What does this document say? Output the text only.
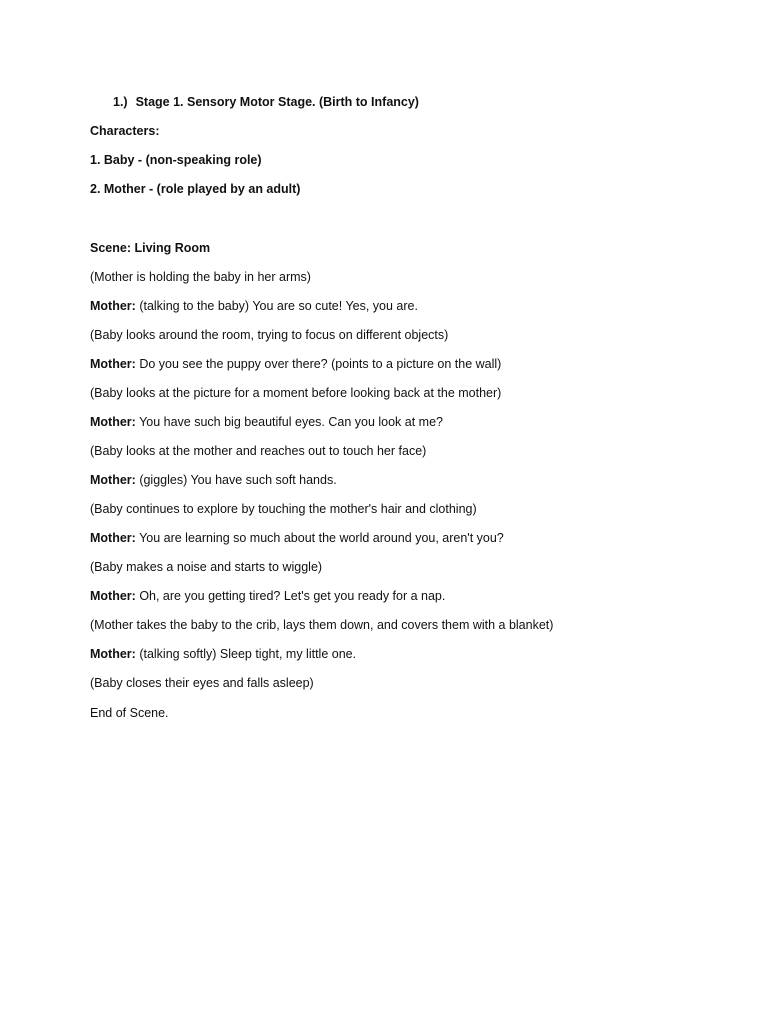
1.) Stage 1. Sensory Motor Stage. (Birth to Infancy)
Characters:
1. Baby - (non-speaking role)
2. Mother - (role played by an adult)
Scene: Living Room
(Mother is holding the baby in her arms)
Mother: (talking to the baby) You are so cute! Yes, you are.
(Baby looks around the room, trying to focus on different objects)
Mother: Do you see the puppy over there? (points to a picture on the wall)
(Baby looks at the picture for a moment before looking back at the mother)
Mother: You have such big beautiful eyes. Can you look at me?
(Baby looks at the mother and reaches out to touch her face)
Mother: (giggles) You have such soft hands.
(Baby continues to explore by touching the mother's hair and clothing)
Mother: You are learning so much about the world around you, aren't you?
(Baby makes a noise and starts to wiggle)
Mother: Oh, are you getting tired? Let's get you ready for a nap.
(Mother takes the baby to the crib, lays them down, and covers them with a blanket)
Mother: (talking softly) Sleep tight, my little one.
(Baby closes their eyes and falls asleep)
End of Scene.
